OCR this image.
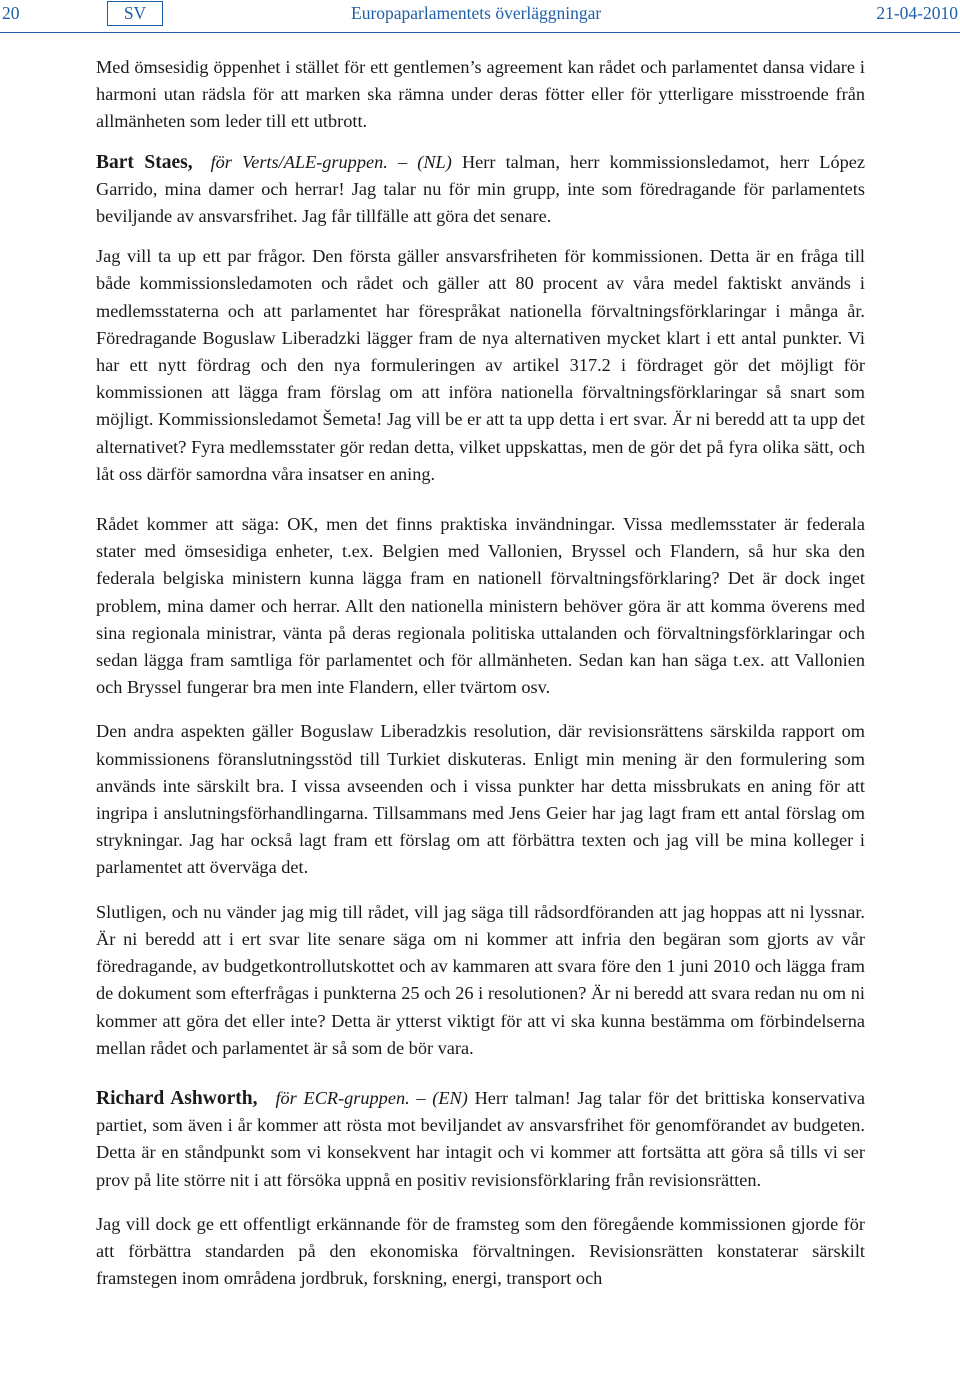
20	SV	Europaparlamentets överläggningar	21-04-2010

Med ömsesidig öppenhet i stället för ett gentlemen’s agreement kan rådet och parlamentet dansa vidare i harmoni utan rädsla för att marken ska rämna under deras fötter eller för ytterligare misstroende från allmänheten som leder till ett utbrott.

Bart Staes, för Verts/ALE-gruppen. – (NL) Herr talman, herr kommissionsledamot, herr López Garrido, mina damer och herrar! Jag talar nu för min grupp, inte som föredragande för parlamentets beviljande av ansvarsfrihet. Jag får tillfälle att göra det senare.

Jag vill ta up ett par frågor. Den första gäller ansvarsfriheten för kommissionen. Detta är en fråga till både kommissionsledamoten och rådet och gäller att 80 procent av våra medel faktiskt används i medlemsstaterna och att parlamentet har förespråkat nationella förvaltningsförklaringar i många år. Föredragande Boguslaw Liberadzki lägger fram de nya alternativen mycket klart i ett antal punkter. Vi har ett nytt fördrag och den nya formuleringen av artikel 317.2 i fördraget gör det möjligt för kommissionen att lägga fram förslag om att införa nationella förvaltningsförklaringar så snart som möjligt. Kommissionsledamot Šemeta! Jag vill be er att ta upp detta i ert svar. Är ni beredd att ta upp det alternativet? Fyra medlemsstater gör redan detta, vilket uppskattas, men de gör det på fyra olika sätt, och låt oss därför samordna våra insatser en aning.

Rådet kommer att säga: OK, men det finns praktiska invändningar. Vissa medlemsstater är federala stater med ömsesidiga enheter, t.ex. Belgien med Vallonien, Bryssel och Flandern, så hur ska den federala belgiska ministern kunna lägga fram en nationell förvaltningsförklaring? Det är dock inget problem, mina damer och herrar. Allt den nationella ministern behöver göra är att komma överens med sina regionala ministrar, vänta på deras regionala politiska uttalanden och förvaltningsförklaringar och sedan lägga fram samtliga för parlamentet och för allmänheten. Sedan kan han säga t.ex. att Vallonien och Bryssel fungerar bra men inte Flandern, eller tvärtom osv.

Den andra aspekten gäller Boguslaw Liberadzkis resolution, där revisionsrättens särskilda rapport om kommissionens föranslutningsstöd till Turkiet diskuteras. Enligt min mening är den formulering som används inte särskilt bra. I vissa avseenden och i vissa punkter har detta missbrukats en aning för att ingripa i anslutningsförhandlingarna. Tillsammans med Jens Geier har jag lagt fram ett antal förslag om strykningar. Jag har också lagt fram ett förslag om att förbättra texten och jag vill be mina kolleger i parlamentet att överväga det.

Slutligen, och nu vänder jag mig till rådet, vill jag säga till rådsordföranden att jag hoppas att ni lyssnar. Är ni beredd att i ert svar lite senare säga om ni kommer att infria den begäran som gjorts av vår föredragande, av budgetkontrollutskottet och av kammaren att svara före den 1 juni 2010 och lägga fram de dokument som efterfrågas i punkterna 25 och 26 i resolutionen? Är ni beredd att svara redan nu om ni kommer att göra det eller inte? Detta är ytterst viktigt för att vi ska kunna bestämma om förbindelserna mellan rådet och parlamentet är så som de bör vara.

Richard Ashworth, för ECR-gruppen. – (EN) Herr talman! Jag talar för det brittiska konservativa partiet, som även i år kommer att rösta mot beviljandet av ansvarsfrihet för genomförandet av budgeten. Detta är en ståndpunkt som vi konsekvent har intagit och vi kommer att fortsätta att göra så tills vi ser prov på lite större nit i att försöka uppnå en positiv revisionsförklaring från revisionsrätten.

Jag vill dock ge ett offentligt erkännande för de framsteg som den föregående kommissionen gjorde för att förbättra standarden på den ekonomiska förvaltningen. Revisionsrätten konstaterar särskilt framstegen inom områdena jordbruk, forskning, energi, transport och
